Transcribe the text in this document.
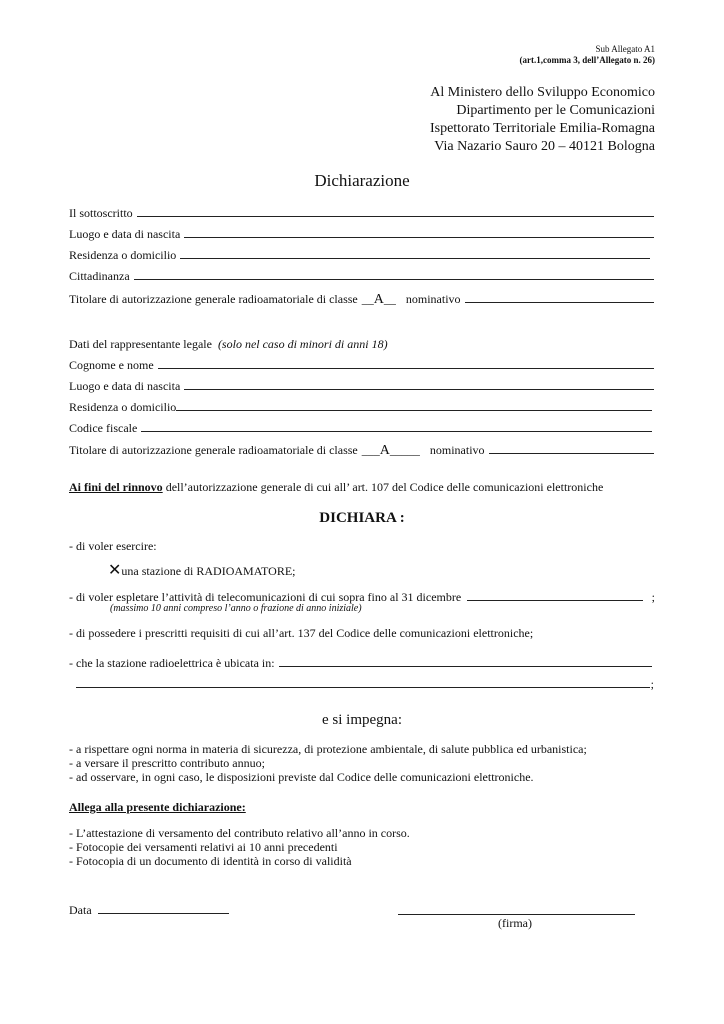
Sub Allegato A1
(art.1,comma 3, dell’Allegato n. 26)
Al Ministero dello Sviluppo Economico
Dipartimento per le Comunicazioni
Ispettorato Territoriale Emilia-Romagna
Via Nazario Sauro 20 – 40121 Bologna
Dichiarazione
Il sottoscritto
Luogo e data di nascita
Residenza o domicilio
Cittadinanza
Titolare di autorizzazione generale radioamatoriale di classe __ A __ nominativo
Dati del rappresentante legale (solo nel caso di minori di anni 18)
Cognome e nome
Luogo e data di nascita
Residenza o domicilio
Codice fiscale
Titolare di autorizzazione generale radioamatoriale di classe ___ A _____ nominativo
Ai fini del rinnovo dell’autorizzazione generale di cui all’ art. 107 del Codice delle comunicazioni elettroniche
DICHIARA :
- di voler esercire:
✕una stazione di RADIOAMATORE;
- di voler espletare l’attività di telecomunicazioni di cui sopra fino al 31 dicembre	;
(massimo 10 anni compreso l’anno o frazione di anno iniziale)
- di possedere i prescritti requisiti di cui all’art. 137 del Codice delle comunicazioni elettroniche;
- che la stazione radioelettrica è ubicata in:
;
e si impegna:
- a rispettare ogni norma in materia di sicurezza, di protezione ambientale, di salute pubblica ed urbanistica;
- a versare il prescritto contributo annuo;
- ad osservare, in ogni caso, le disposizioni previste dal Codice delle comunicazioni elettroniche.
Allega alla presente dichiarazione:
- L’attestazione di versamento del contributo relativo all’anno in corso.
- Fotocopie dei versamenti relativi ai 10 anni precedenti
- Fotocopia di un documento di identità in corso di validità
Data
(firma)
